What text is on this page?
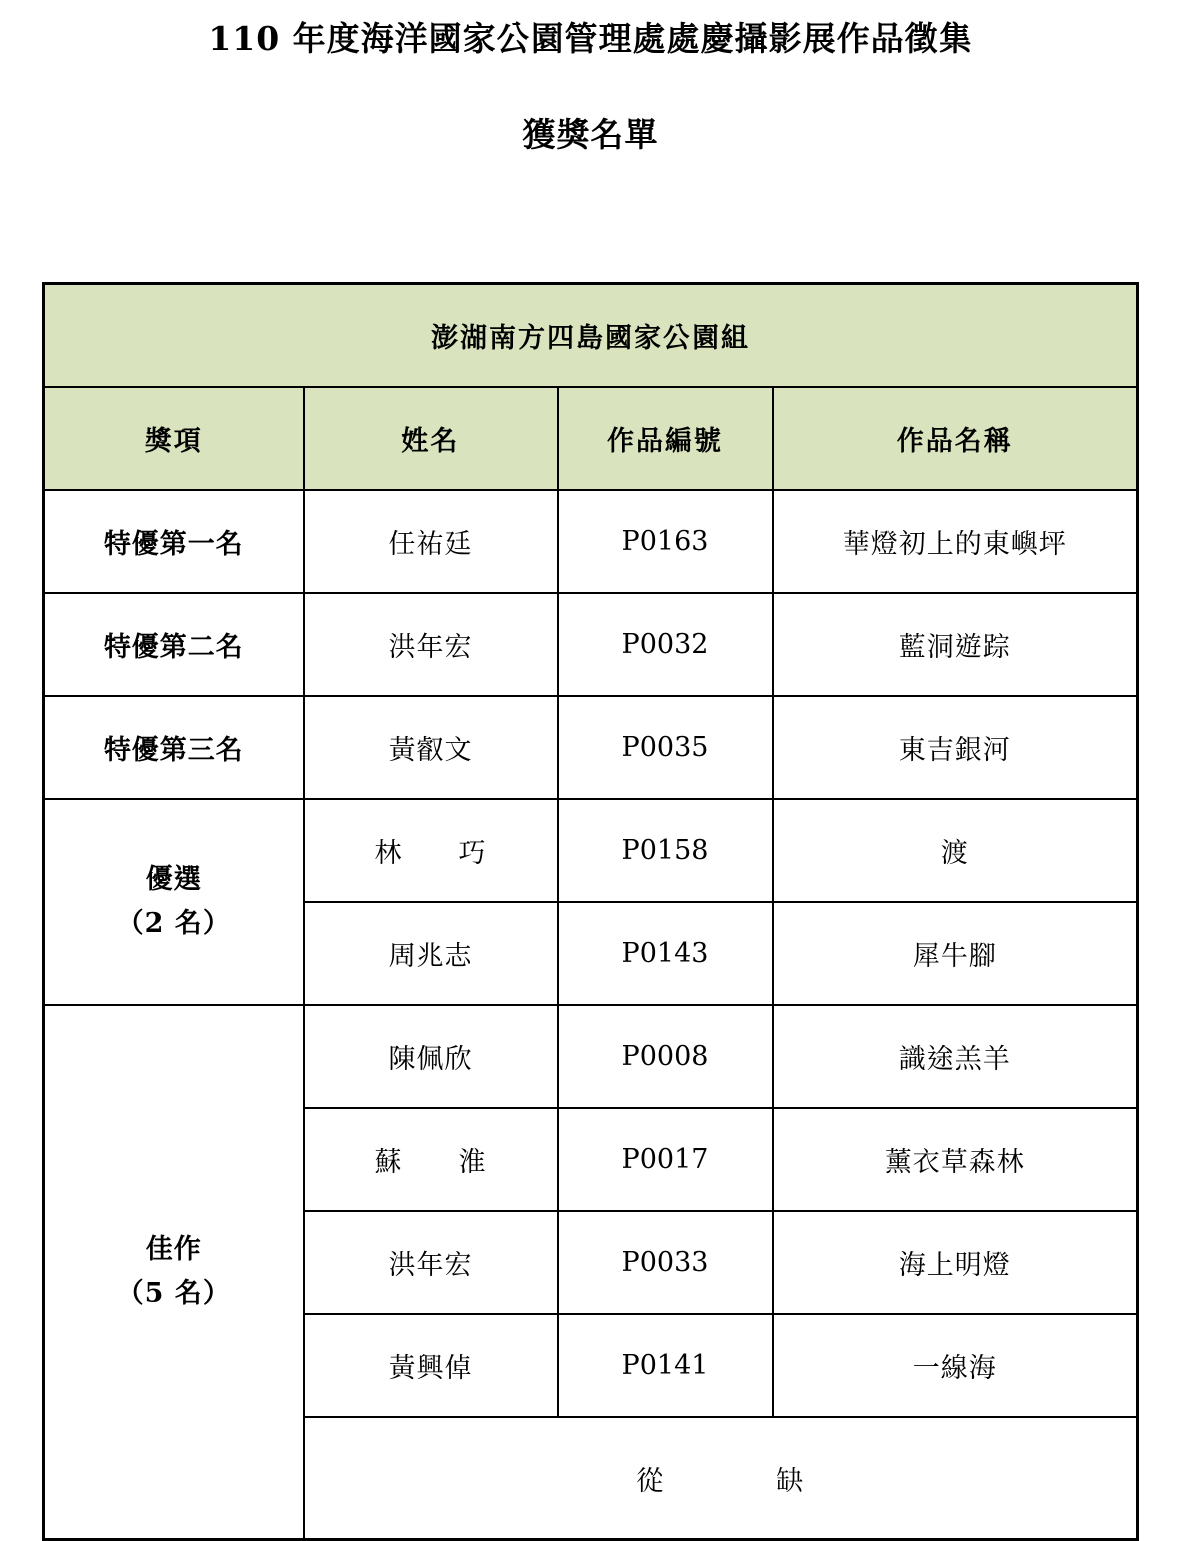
110 年度海洋國家公園管理處處慶攝影展作品徵集
獲獎名單
澎湖南方四島國家公園組			
獎項	姓名	作品編號	作品名稱
特優第一名	任祐廷	P0163	華燈初上的東嶼坪
特優第二名	洪年宏	P0032	藍洞遊踪
特優第三名	黃叡文	P0035	東吉銀河

優選
（2 名）	林　　巧	P0158	渡
	周兆志	P0143	犀牛腳

佳作
（5 名）	陳佩欣	P0008	識途羔羊
	蘇　　淮	P0017	薰衣草森林
	洪年宏	P0033	海上明燈
	黃興倬	P0141	一線海
	從　　　　缺		
